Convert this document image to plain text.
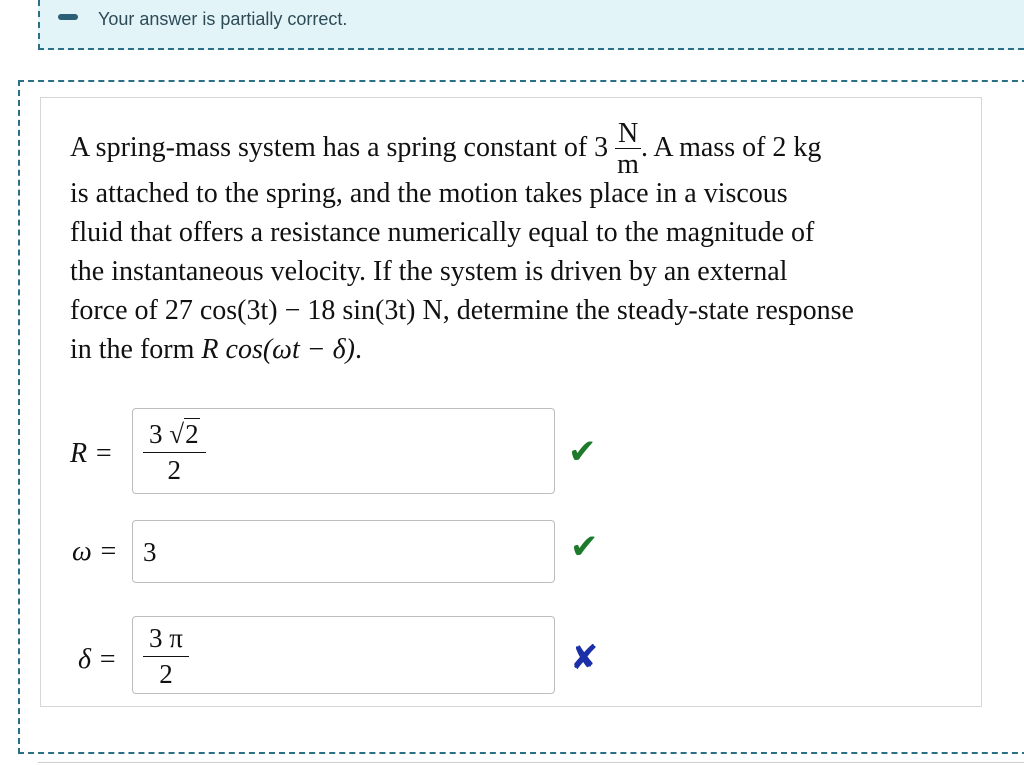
Your answer is partially correct.
A spring-mass system has a spring constant of $3 \frac{N}{m}$ . A mass of 2 kg
is attached to the spring, and the motion takes place in a viscous
fluid that offers a resistance numerically equal to the magnitude of
the instantaneous velocity. If the system is driven by an external
force of 27 cos(3t) − 18 sin(3t) N, determine the steady-state response
in the form R cos(ωt − δ).
$R = \frac{3 √2}{2}$	✔
ω = 3	✔
$\delta = \frac{3 \pi}{2}$	✘
